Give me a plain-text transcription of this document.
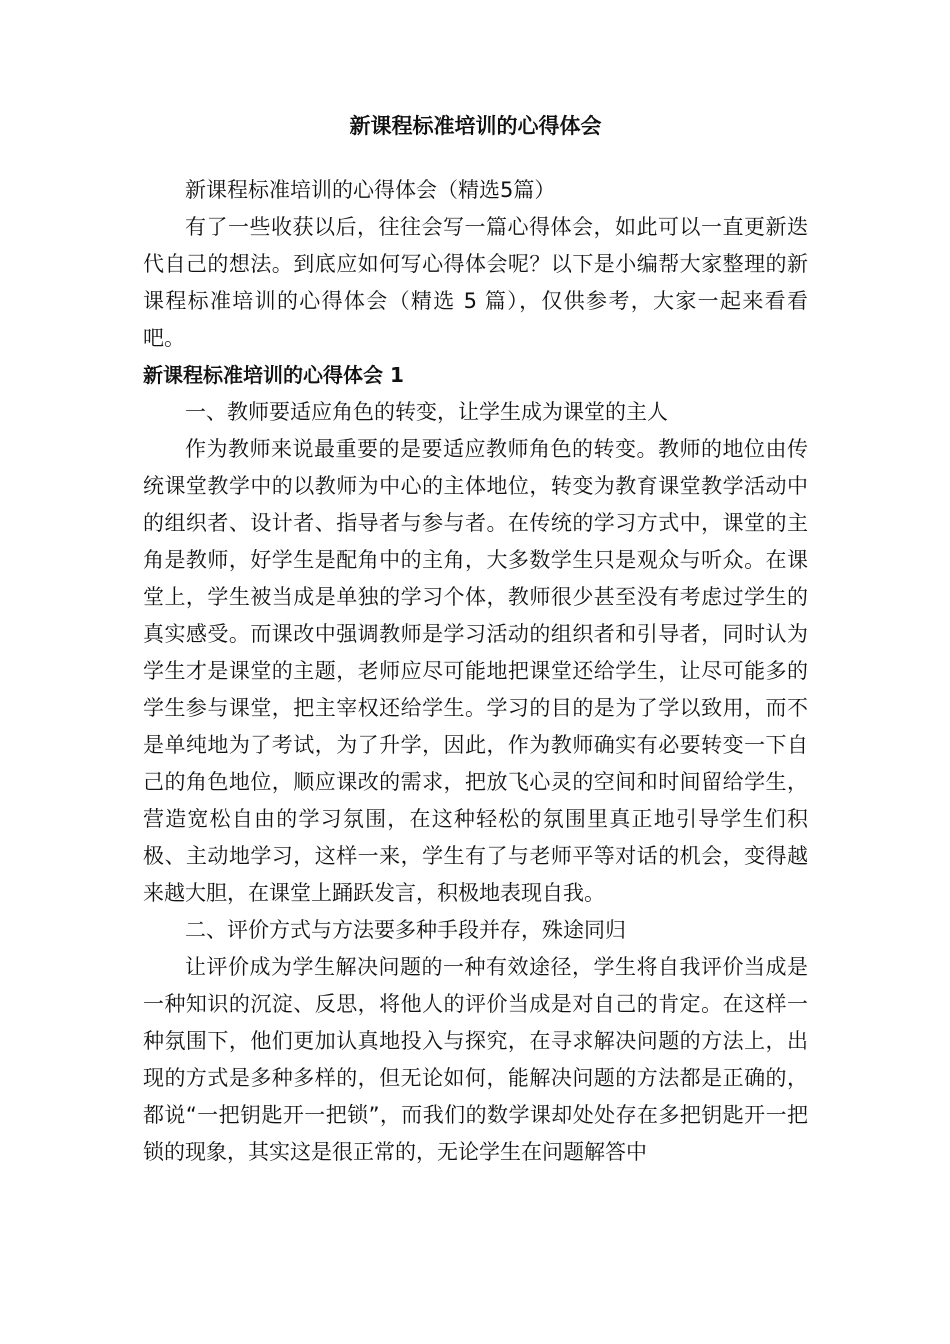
新课程标准培训的心得体会

新课程标准培训的心得体会（精选5篇）

有了一些收获以后，往往会写一篇心得体会，如此可以一直更新迭代自己的想法。到底应如何写心得体会呢？以下是小编帮大家整理的新课程标准培训的心得体会（精选 5 篇），仅供参考，大家一起来看看吧。

新课程标准培训的心得体会 1

一、教师要适应角色的转变，让学生成为课堂的主人

作为教师来说最重要的是要适应教师角色的转变。教师的地位由传统课堂教学中的以教师为中心的主体地位，转变为教育课堂教学活动中的组织者、设计者、指导者与参与者。在传统的学习方式中，课堂的主角是教师，好学生是配角中的主角，大多数学生只是观众与听众。在课堂上，学生被当成是单独的学习个体，教师很少甚至没有考虑过学生的真实感受。而课改中强调教师是学习活动的组织者和引导者，同时认为学生才是课堂的主题，老师应尽可能地把课堂还给学生，让尽可能多的学生参与课堂，把主宰权还给学生。学习的目的是为了学以致用，而不是单纯地为了考试，为了升学，因此，作为教师确实有必要转变一下自己的角色地位，顺应课改的需求，把放飞心灵的空间和时间留给学生，营造宽松自由的学习氛围，在这种轻松的氛围里真正地引导学生们积极、主动地学习，这样一来，学生有了与老师平等对话的机会，变得越来越大胆，在课堂上踊跃发言，积极地表现自我。

二、评价方式与方法要多种手段并存，殊途同归

让评价成为学生解决问题的一种有效途径，学生将自我评价当成是一种知识的沉淀、反思，将他人的评价当成是对自己的肯定。在这样一种氛围下，他们更加认真地投入与探究，在寻求解决问题的方法上，出现的方式是多种多样的，但无论如何，能解决问题的方法都是正确的，都说“一把钥匙开一把锁”，而我们的数学课却处处存在多把钥匙开一把锁的现象，其实这是很正常的，无论学生在问题解答中
